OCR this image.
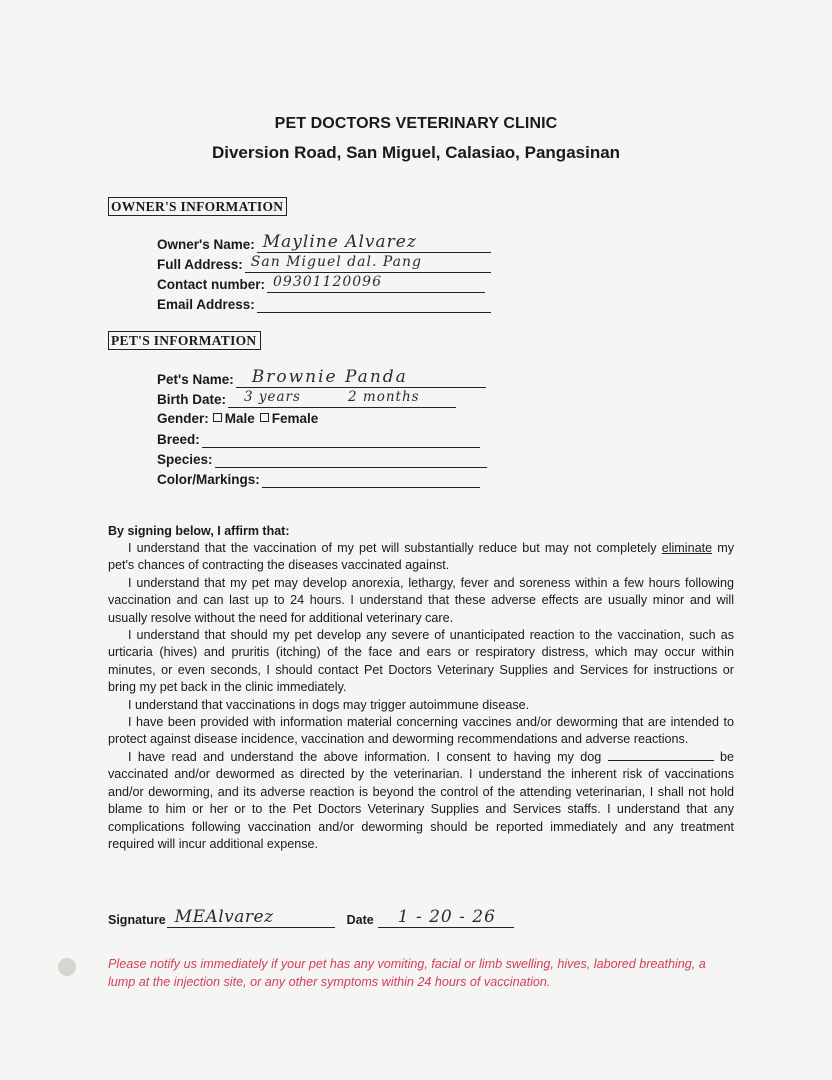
PET DOCTORS VETERINARY CLINIC
Diversion Road, San Miguel, Calasiao, Pangasinan
OWNER'S INFORMATION
Owner's Name: Mayline Alvarez
Full Address: San Miguel dal. Pang
Contact number: 09301120096
Email Address:
PET'S INFORMATION
Pet's Name: Brownie Panda
Birth Date: 3 years	2 months
Gender: Male Female
Breed:
Species:
Color/Markings:
By signing below, I affirm that:

I understand that the vaccination of my pet will substantially reduce but may not completely eliminate my pet's chances of contracting the diseases vaccinated against.

I understand that my pet may develop anorexia, lethargy, fever and soreness within a few hours following vaccination and can last up to 24 hours. I understand that these adverse effects are usually minor and will usually resolve without the need for additional veterinary care.

I understand that should my pet develop any severe of unanticipated reaction to the vaccination, such as urticaria (hives) and pruritis (itching) of the face and ears or respiratory distress, which may occur within minutes, or even seconds, I should contact Pet Doctors Veterinary Supplies and Services for instructions or bring my pet back in the clinic immediately.

I understand that vaccinations in dogs may trigger autoimmune disease.

I have been provided with information material concerning vaccines and/or deworming that are intended to protect against disease incidence, vaccination and deworming recommendations and adverse reactions.

I have read and understand the above information. I consent to having my dog	be vaccinated and/or dewormed as directed by the veterinarian. I understand the inherent risk of vaccinations and/or deworming, and its adverse reaction is beyond the control of the attending veterinarian, I shall not hold blame to him or her or to the Pet Doctors Veterinary Supplies and Services staffs. I understand that any complications following vaccination and/or deworming should be reported immediately and any treatment required will incur additional expense.

Signature MEAlvarez	Date 1 - 20 - 26
Please notify us immediately if your pet has any vomiting, facial or limb swelling, hives, labored breathing, a lump at the injection site, or any other symptoms within 24 hours of vaccination.
